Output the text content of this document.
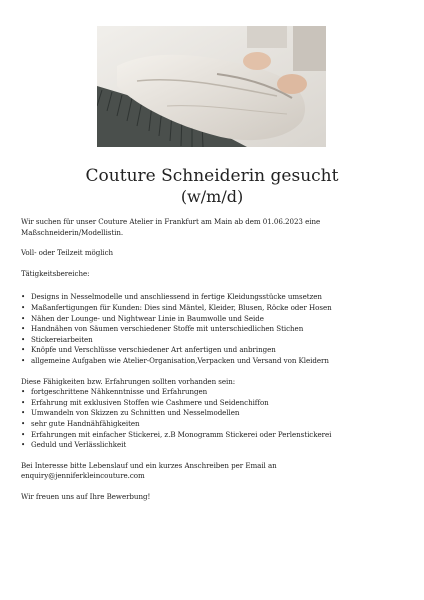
Couture Schneiderin gesucht
(w/m/d)

Wir suchen für unser Couture Atelier in Frankfurt am Main ab dem 01.06.2023 eine Maßschneiderin/Modellistin.

Voll- oder Teilzeit möglich

Tätigkeitsbereiche:

• Designs in Nesselmodelle und anschliessend in fertige Kleidungsstücke umsetzen
• Maßanfertigungen für Kunden: Dies sind Mäntel, Kleider, Blusen, Röcke oder Hosen
• Nähen der Lounge- und Nightwear Linie in Baumwolle und Seide
• Handnähen von Säumen verschiedener Stoffe mit unterschiedlichen Stichen
• Stickereiarbeiten
• Knöpfe und Verschlüsse verschiedener Art anfertigen und anbringen
• allgemeine Aufgaben wie Atelier-Organisation,Verpacken und Versand von Kleidern

Diese Fähigkeiten bzw. Erfahrungen sollten vorhanden sein:

• fortgeschrittene Nähkenntnisse und Erfahrungen
• Erfahrung mit exklusiven Stoffen wie Cashmere und Seidenchiffon
• Umwandeln von Skizzen zu Schnitten und Nesselmodellen
• sehr gute Handnähfähigkeiten
• Erfahrungen mit einfacher Stickerei, z.B Monogramm Stickerei oder Perlenstickerei
• Geduld und Verlässlichkeit

Bei Interesse bitte Lebenslauf und ein kurzes Anschreiben per Email an

enquiry@jenniferkleincouture.com

Wir freuen uns auf Ihre Bewerbung!
